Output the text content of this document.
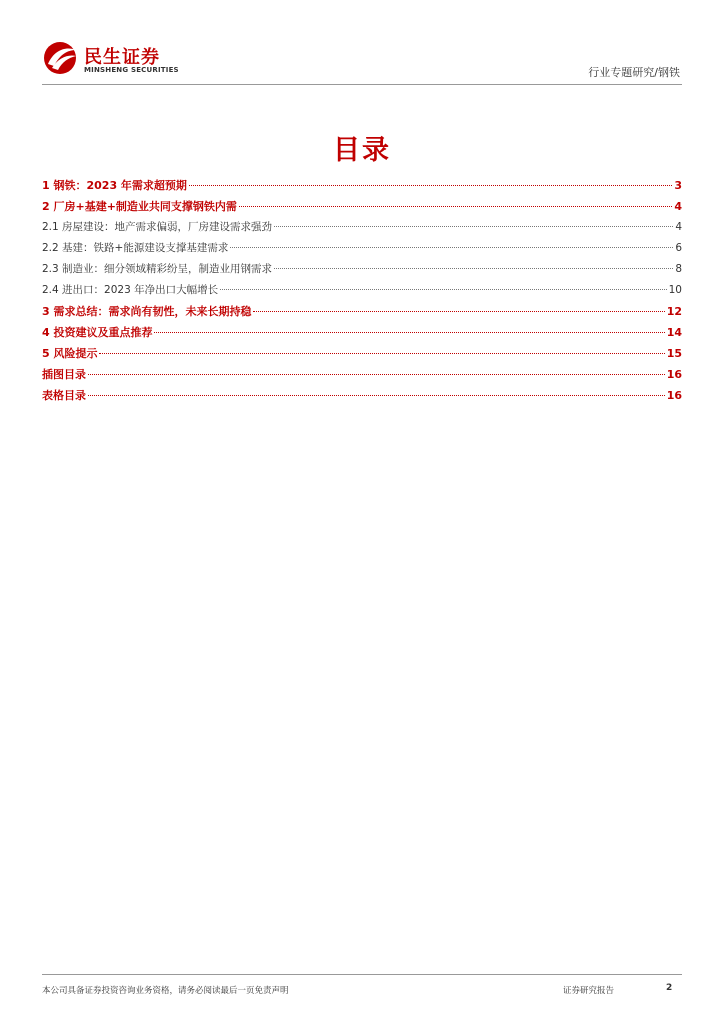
民生证券
MINSHENG SECURITIES	行业专题研究/钢铁
目录
1 钢铁：2023 年需求超预期	3
2 厂房+基建+制造业共同支撑钢铁内需	4
2.1 房屋建设：地产需求偏弱，厂房建设需求强劲	4
2.2 基建：铁路+能源建设支撑基建需求	6
2.3 制造业：细分领域精彩纷呈，制造业用钢需求	8
2.4 进出口：2023 年净出口大幅增长	10
3 需求总结：需求尚有韧性，未来长期持稳	12
4 投资建议及重点推荐	14
5 风险提示	15
插图目录	16
表格目录	16
本公司具备证券投资咨询业务资格，请务必阅读最后一页免责声明	证券研究报告	2
